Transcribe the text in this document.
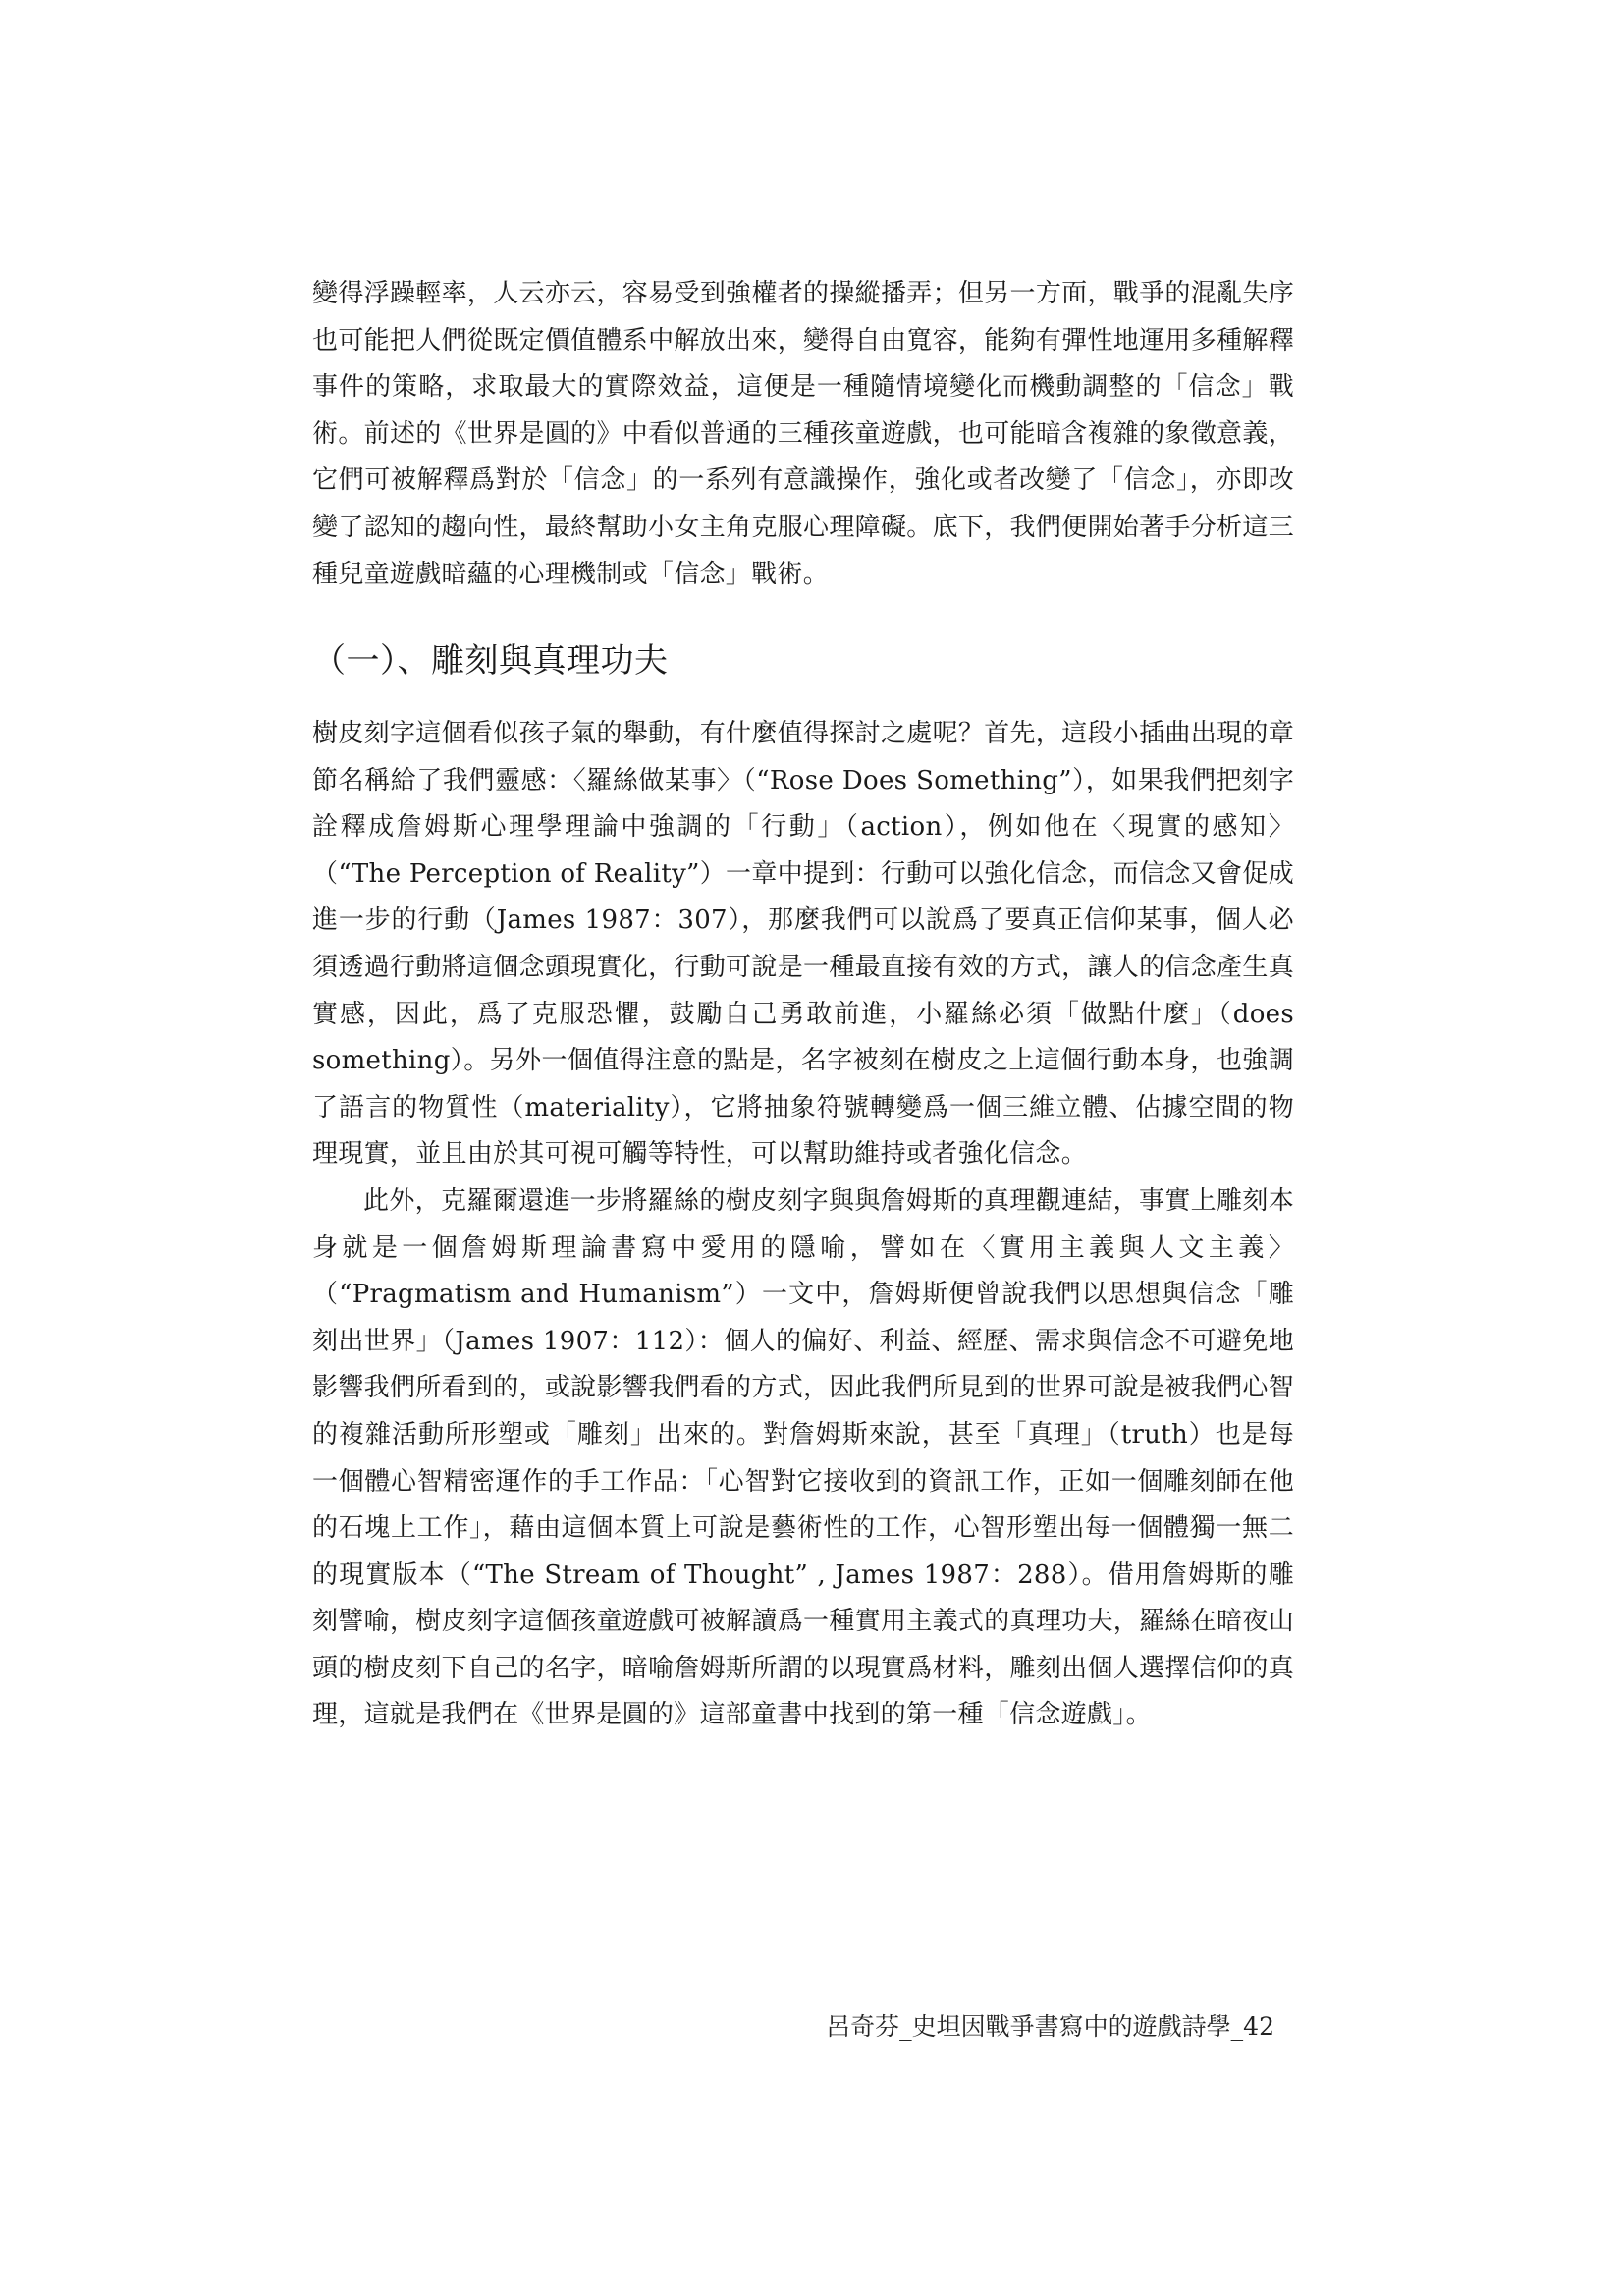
變得浮躁輕率，人云亦云，容易受到強權者的操縱播弄；但另一方面，戰爭的混亂失序也可能把人們從既定價值體系中解放出來，變得自由寬容，能夠有彈性地運用多種解釋事件的策略，求取最大的實際效益，這便是一種隨情境變化而機動調整的「信念」戰術。前述的《世界是圓的》中看似普通的三種孩童遊戲，也可能暗含複雜的象徵意義，它們可被解釋爲對於「信念」的一系列有意識操作，強化或者改變了「信念」，亦即改變了認知的趨向性，最終幫助小女主角克服心理障礙。底下，我們便開始著手分析這三種兒童遊戲暗蘊的心理機制或「信念」戰術。

（一）、雕刻與真理功夫

樹皮刻字這個看似孩子氣的舉動，有什麼值得探討之處呢？首先，這段小插曲出現的章節名稱給了我們靈感：〈羅絲做某事〉（“Rose Does Something”），如果我們把刻字詮釋成詹姆斯心理學理論中強調的「行動」（action），例如他在〈現實的感知〉（“The Perception of Reality”）一章中提到：行動可以強化信念，而信念又會促成進一步的行動（James 1987：307），那麼我們可以說爲了要真正信仰某事，個人必須透過行動將這個念頭現實化，行動可說是一種最直接有效的方式，讓人的信念產生真實感，因此，爲了克服恐懼，鼓勵自己勇敢前進，小羅絲必須「做點什麼」（does something）。另外一個值得注意的點是，名字被刻在樹皮之上這個行動本身，也強調了語言的物質性（materiality），它將抽象符號轉變爲一個三維立體、佔據空間的物理現實，並且由於其可視可觸等特性，可以幫助維持或者強化信念。

此外，克羅爾還進一步將羅絲的樹皮刻字與與詹姆斯的真理觀連結，事實上雕刻本身就是一個詹姆斯理論書寫中愛用的隱喻，譬如在〈實用主義與人文主義〉（“Pragmatism and Humanism”）一文中，詹姆斯便曾說我們以思想與信念「雕刻出世界」（James 1907：112）：個人的偏好、利益、經歷、需求與信念不可避免地影響我們所看到的，或說影響我們看的方式，因此我們所見到的世界可說是被我們心智的複雜活動所形塑或「雕刻」出來的。對詹姆斯來說，甚至「真理」（truth）也是每一個體心智精密運作的手工作品：「心智對它接收到的資訊工作，正如一個雕刻師在他的石塊上工作」，藉由這個本質上可說是藝術性的工作，心智形塑出每一個體獨一無二的現實版本（“The Stream of Thought” , James 1987：288）。借用詹姆斯的雕刻譬喻，樹皮刻字這個孩童遊戲可被解讀爲一種實用主義式的真理功夫，羅絲在暗夜山頭的樹皮刻下自己的名字，暗喻詹姆斯所謂的以現實爲材料，雕刻出個人選擇信仰的真理，這就是我們在《世界是圓的》這部童書中找到的第一種「信念遊戲」。

呂奇芬_史坦因戰爭書寫中的遊戲詩學_42
